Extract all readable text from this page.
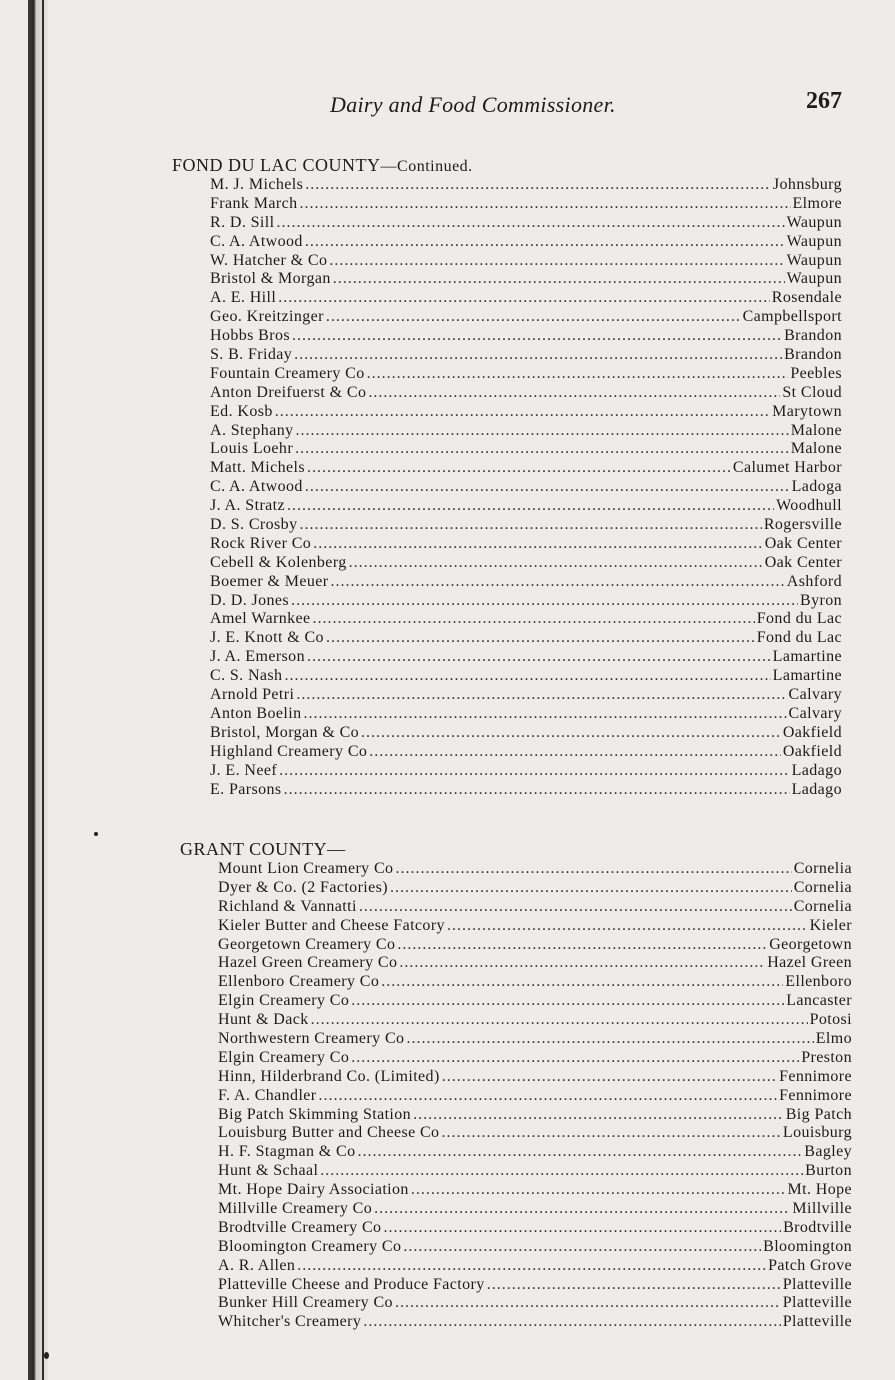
Dairy and Food Commissioner.	267
FOND DU LAC COUNTY—Continued.
M. J. Michels .....	Johnsburg
Frank March .....	Elmore
R. D. Sill .....	Waupun
C. A. Atwood .....	Waupun
W. Hatcher & Co .....	Waupun
Bristol & Morgan .....	Waupun
A. E. Hill .....	Rosendale
Geo. Kreitzinger .....	Campbellsport
Hobbs Bros .....	Brandon
S. B. Friday .....	Brandon
Fountain Creamery Co .....	Peebles
Anton Dreifuerst & Co .....	St Cloud
Ed. Kosb .....	Marytown
A. Stephany .....	Malone
Louis Loehr .....	Malone
Matt. Michels .....	Calumet Harbor
C. A. Atwood .....	Ladoga
J. A. Stratz .....	Woodhull
D. S. Crosby .....	Rogersville
Rock River Co .....	Oak Center
Cebell & Kolenberg .....	Oak Center
Boemer & Meuer .....	Ashford
D. D. Jones .....	Byron
Amel Warnkee .....	Fond du Lac
J. E. Knott & Co .....	Fond du Lac
J. A. Emerson .....	Lamartine
C. S. Nash .....	Lamartine
Arnold Petri .....	Calvary
Anton Boelin .....	Calvary
Bristol, Morgan & Co .....	Oakfield
Highland Creamery Co .....	Oakfield
J. E. Neef .....	Ladago
E. Parsons .....	Ladago
GRANT COUNTY—
Mount Lion Creamery Co .....	Cornelia
Dyer & Co. (2 Factories) .....	Cornelia
Richland & Vannatti .....	Cornelia
Kieler Butter and Cheese Fatcory .....	Kieler
Georgetown Creamery Co .....	Georgetown
Hazel Green Creamery Co .....	Hazel Green
Ellenboro Creamery Co .....	Ellenboro
Elgin Creamery Co .....	Lancaster
Hunt & Dack .....	Potosi
Northwestern Creamery Co .....	Elmo
Elgin Creamery Co .....	Preston
Hinn, Hilderbrand Co. (Limited) .....	Fennimore
F. A. Chandler .....	Fennimore
Big Patch Skimming Station .....	Big Patch
Louisburg Butter and Cheese Co .....	Louisburg
H. F. Stagman & Co .....	Bagley
Hunt & Schaal .....	Burton
Mt. Hope Dairy Association .....	Mt. Hope
Millville Creamery Co .....	Millville
Brodtville Creamery Co .....	Brodtville
Bloomington Creamery Co .....	Bloomington
A. R. Allen .....	Patch Grove
Platteville Cheese and Produce Factory .....	Platteville
Bunker Hill Creamery Co .....	Platteville
Whitcher's Creamery .....	Platteville
